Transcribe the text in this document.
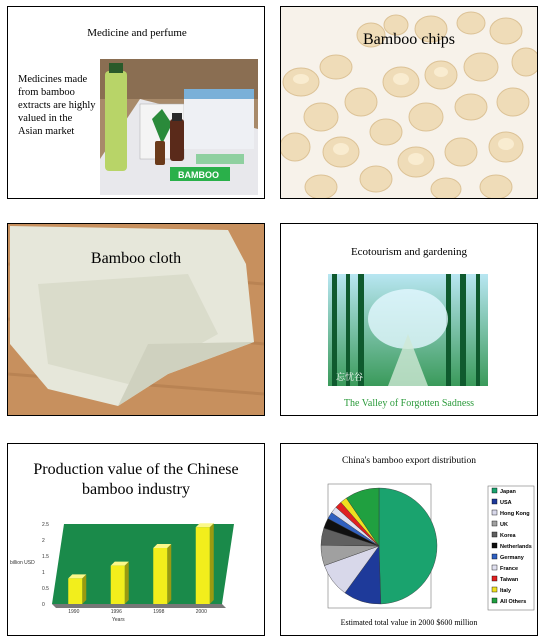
Medicine and perfume
Medicines made
from bamboo
extracts are highly
valued in the
Asian market
BAMBOO
Bamboo chips
Bamboo cloth	Ecotourism and gardening
忘忧谷
The Valley of Forgotten Sadness
Production value of the Chinese
bamboo industry
0
0.5
1
1.5
2
2.5
1990	1996	1998	2000
billion USD
Years
China's bamboo export distribution
Japan
USA
Hong Kong
UK
Korea
Netherlands
Germany
France
Taiwan
Italy
All Others
Estimated total value in 2000 $600 million
